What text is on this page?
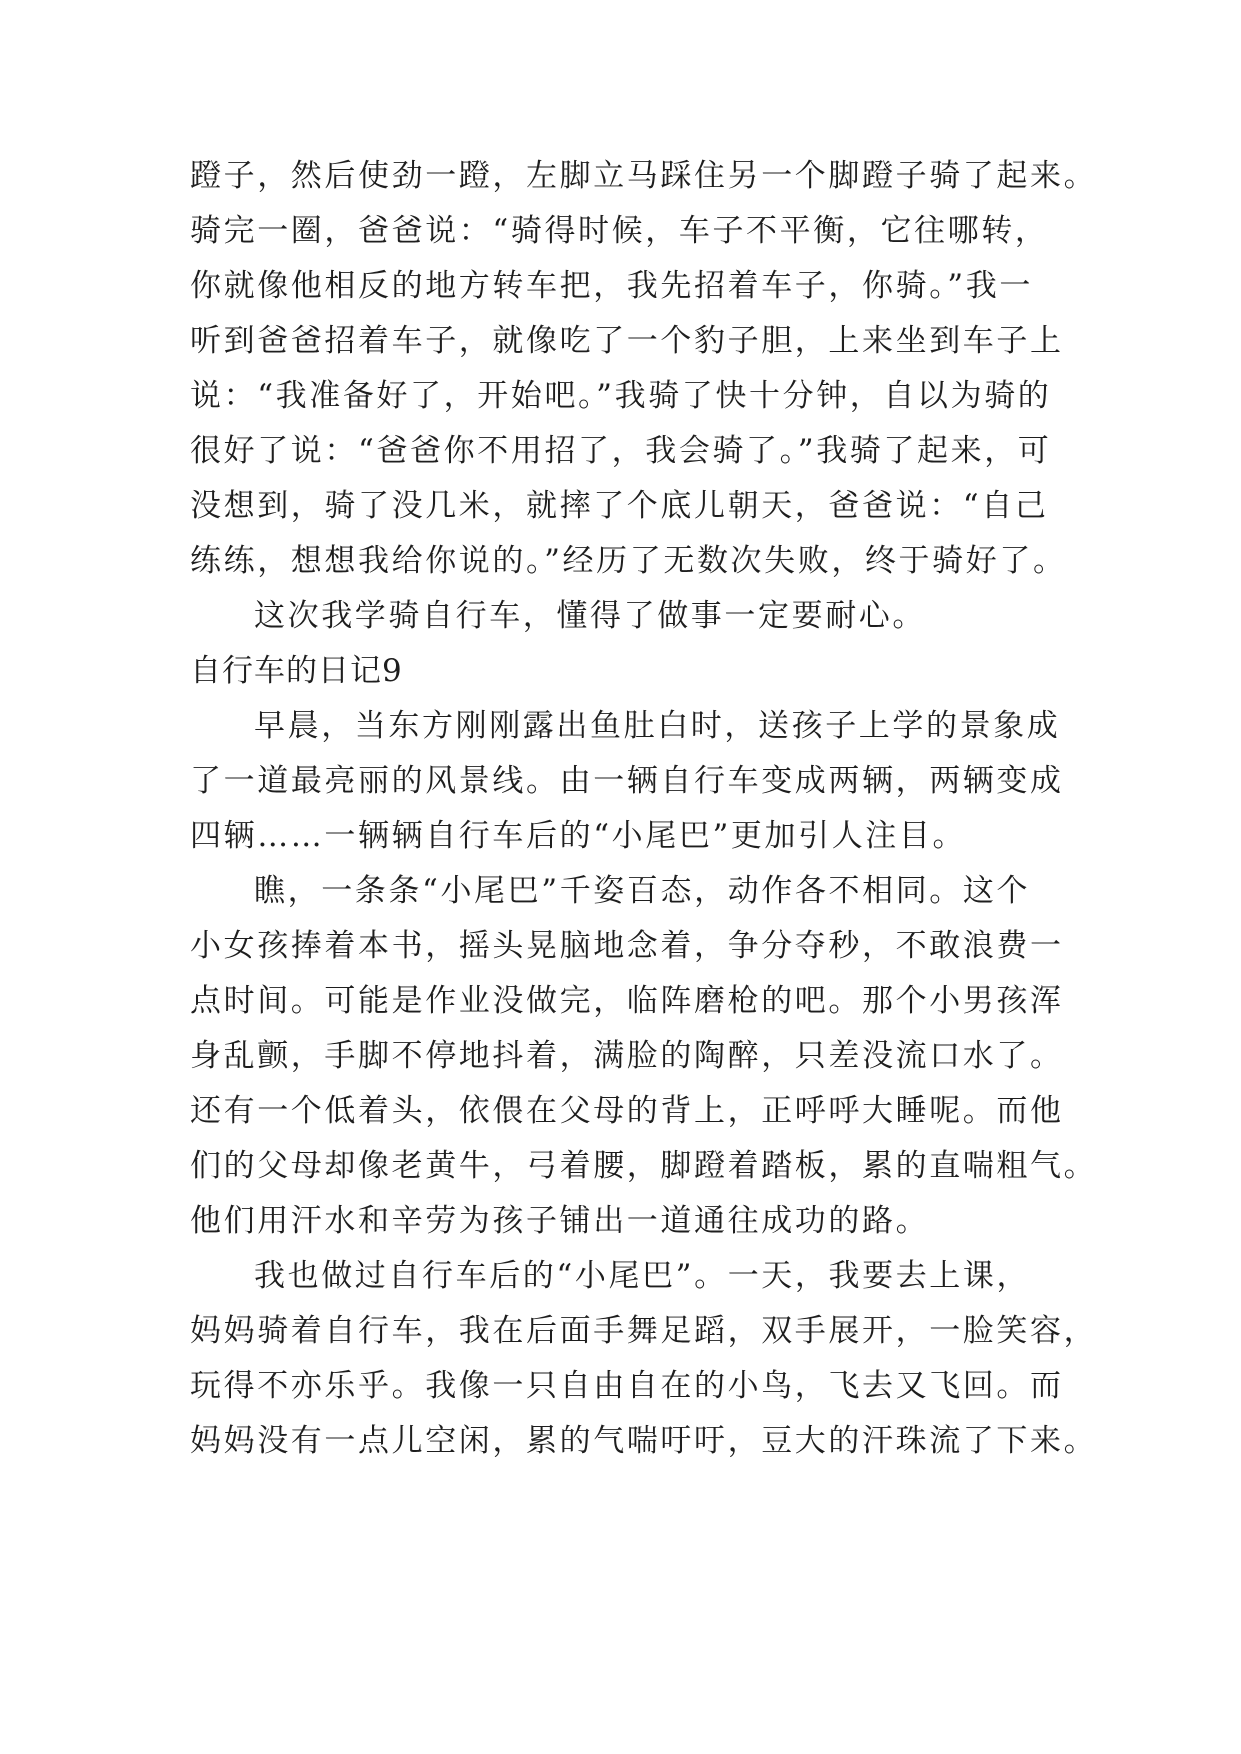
蹬子，然后使劲一蹬，左脚立马踩住另一个脚蹬子骑了起来。
骑完一圈，爸爸说：“骑得时候，车子不平衡，它往哪转，
你就像他相反的地方转车把，我先招着车子，你骑。”我一
听到爸爸招着车子，就像吃了一个豹子胆，上来坐到车子上
说：“我准备好了，开始吧。”我骑了快十分钟，自以为骑的
很好了说：“爸爸你不用招了，我会骑了。”我骑了起来，可
没想到，骑了没几米，就摔了个底儿朝天，爸爸说：“自己
练练，想想我给你说的。”经历了无数次失败，终于骑好了。
这次我学骑自行车，懂得了做事一定要耐心。
自行车的日记9
早晨，当东方刚刚露出鱼肚白时，送孩子上学的景象成
了一道最亮丽的风景线。由一辆自行车变成两辆，两辆变成
四辆……一辆辆自行车后的“小尾巴”更加引人注目。
瞧，一条条“小尾巴”千姿百态，动作各不相同。这个
小女孩捧着本书，摇头晃脑地念着，争分夺秒，不敢浪费一
点时间。可能是作业没做完，临阵磨枪的吧。那个小男孩浑
身乱颤，手脚不停地抖着，满脸的陶醉，只差没流口水了。
还有一个低着头，依偎在父母的背上，正呼呼大睡呢。而他
们的父母却像老黄牛，弓着腰，脚蹬着踏板，累的直喘粗气。
他们用汗水和辛劳为孩子铺出一道通往成功的路。
我也做过自行车后的“小尾巴”。一天，我要去上课，
妈妈骑着自行车，我在后面手舞足蹈，双手展开，一脸笑容，
玩得不亦乐乎。我像一只自由自在的小鸟，飞去又飞回。而
妈妈没有一点儿空闲，累的气喘吁吁，豆大的汗珠流了下来。
